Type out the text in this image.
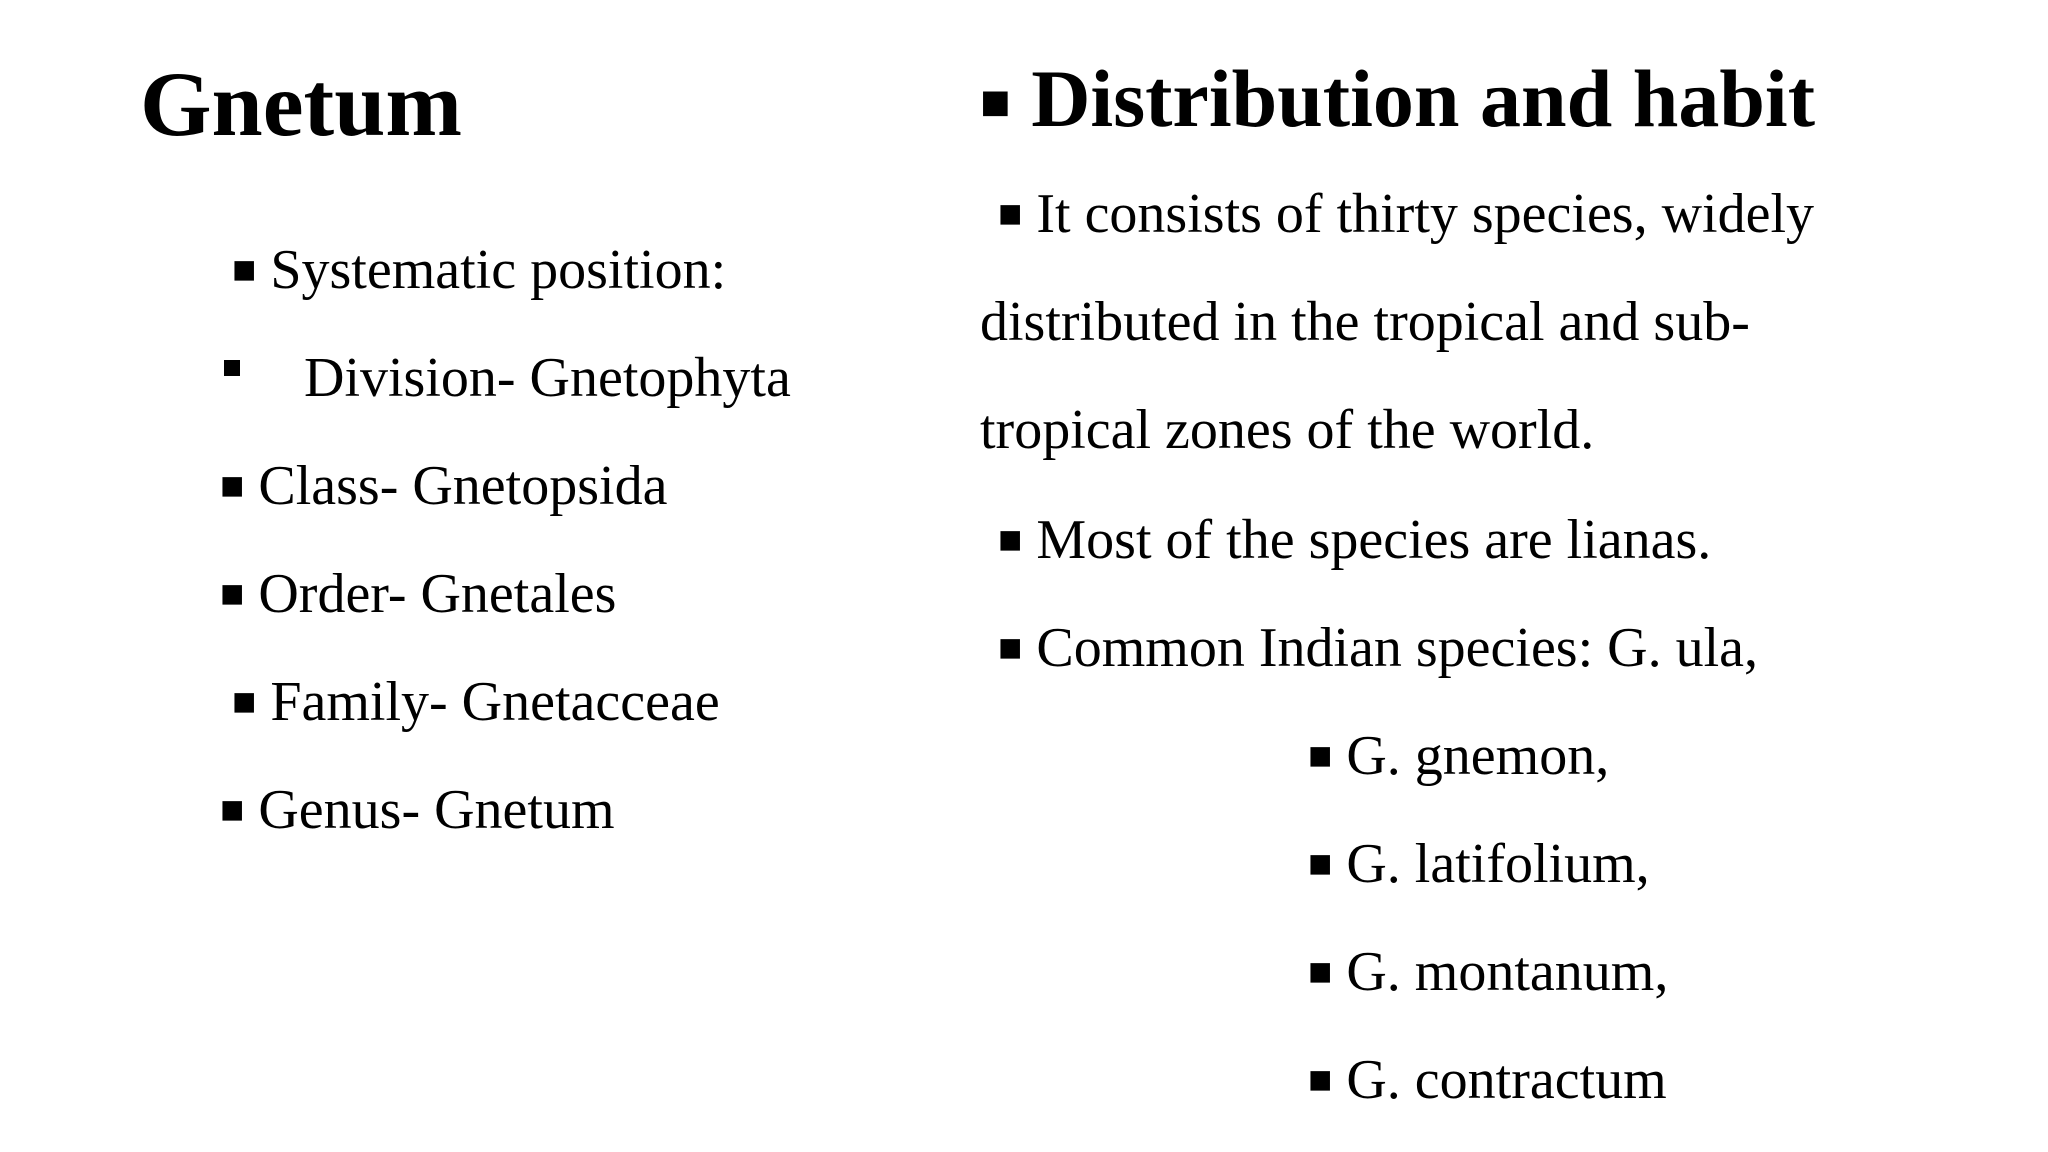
Gnetum
■ Systematic position:
Division- Gnetophyta
■ Class- Gnetopsida
■ Order- Gnetales
■ Family- Gnetacceae
■ Genus- Gnetum
■ Distribution and habit
■ It consists of thirty species, widely
distributed in the tropical and sub-
tropical zones of the world.
■ Most of the species are lianas.
■ Common Indian species: G. ula,
■ G. gnemon,
■ G. latifolium,
■ G. montanum,
■ G. contractum
